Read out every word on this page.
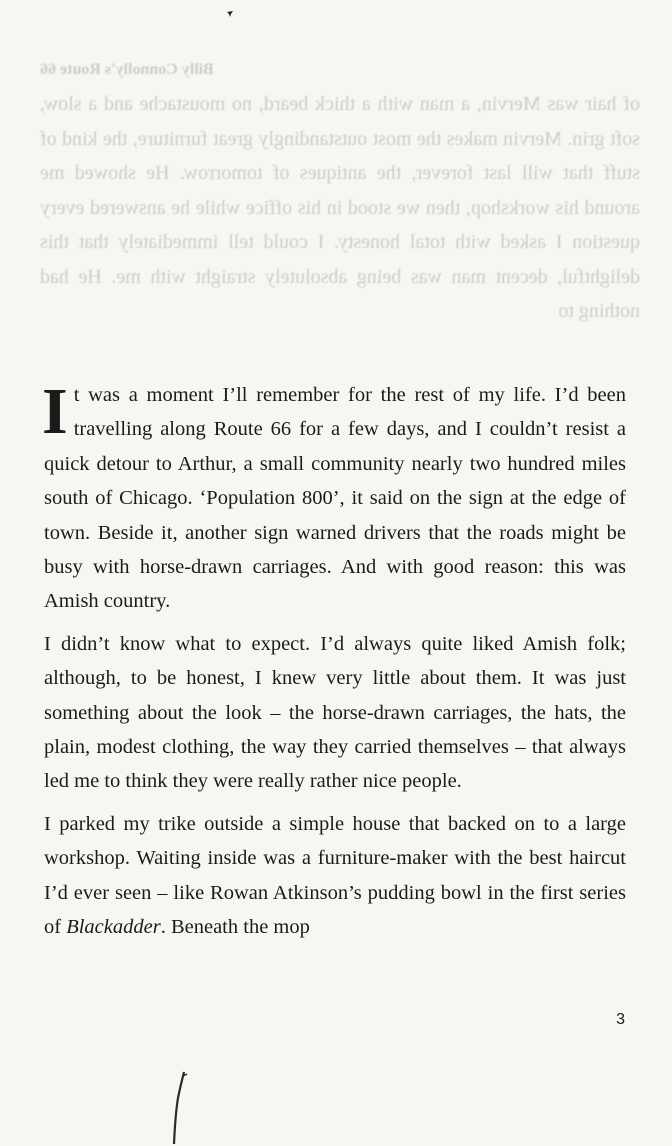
Billy Connolly's Route 66

of hair was Mervin, a man with a thick beard, no moustache and a slow, soft grin. Mervin makes the most outstandingly great furniture, the kind of stuff that will last forever, the antiques of tomorrow. He showed me around his workshop, then we stood in his office while he answered every question I asked with total honesty. I could tell immediately that this delightful, decent man was being absolutely straight with me. He had nothing to

It was a moment I’ll remember for the rest of my life. I’d been travelling along Route 66 for a few days, and I couldn’t resist a quick detour to Arthur, a small community nearly two hundred miles south of Chicago. ‘Population 800’, it said on the sign at the edge of town. Beside it, another sign warned drivers that the roads might be busy with horse-drawn carriages. And with good reason: this was Amish country.

I didn’t know what to expect. I’d always quite liked Amish folk; although, to be honest, I knew very little about them. It was just something about the look – the horse-drawn carriages, the hats, the plain, modest clothing, the way they carried themselves – that always led me to think they were really rather nice people.

I parked my trike outside a simple house that backed on to a large workshop. Waiting inside was a furniture-maker with the best haircut I’d ever seen – like Rowan Atkinson’s pudding bowl in the first series of Blackadder. Beneath the mop

3
